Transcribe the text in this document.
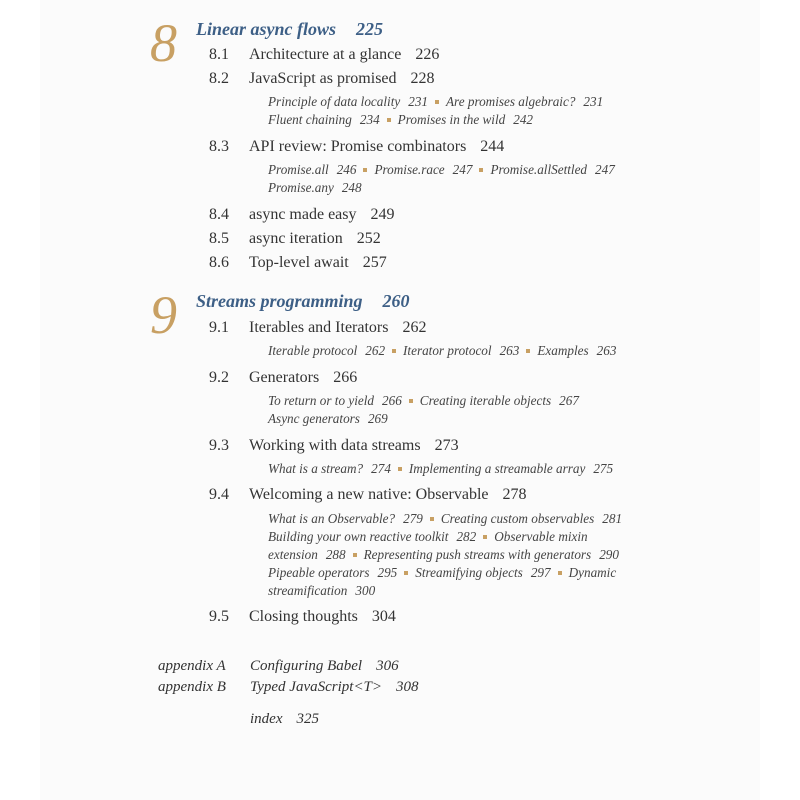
8 Linear async flows 225
8.1 Architecture at a glance 226
8.2 JavaScript as promised 228
Principle of data locality 231 Are promises algebraic? 231
Fluent chaining 234 Promises in the wild 242
8.3 API review: Promise combinators 244
Promise.all 246 Promise.race 247 Promise.allSettled 247
Promise.any 248
8.4 async made easy 249
8.5 async iteration 252
8.6 Top-level await 257
9 Streams programming 260
9.1 Iterables and Iterators 262
Iterable protocol 262 Iterator protocol 263 Examples 263
9.2 Generators 266
To return or to yield 266 Creating iterable objects 267
Async generators 269
9.3 Working with data streams 273
What is a stream? 274 Implementing a streamable array 275
9.4 Welcoming a new native: Observable 278
What is an Observable? 279 Creating custom observables 281
Building your own reactive toolkit 282 Observable mixin
extension 288 Representing push streams with generators 290
Pipeable operators 295 Streamifying objects 297 Dynamic
streamification 300
9.5 Closing thoughts 304
appendix A Configuring Babel 306
appendix B Typed JavaScript<T> 308
index 325
